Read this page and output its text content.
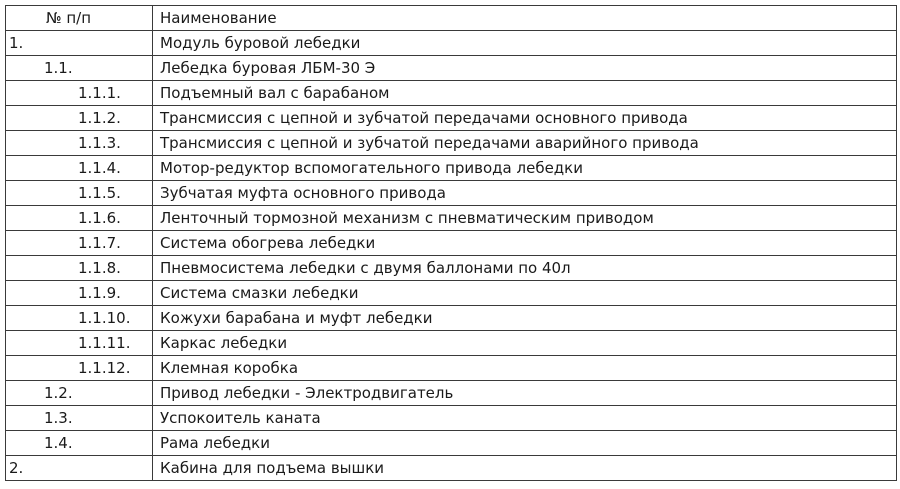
№ п/п	Наименование
1.	Модуль буровой лебедки
1.1.	Лебедка буровая ЛБМ-30 Э
1.1.1.	Подъемный вал с барабаном
1.1.2.	Трансмиссия с цепной и зубчатой передачами основного привода
1.1.3.	Трансмиссия с цепной и зубчатой передачами аварийного привода
1.1.4.	Мотор-редуктор вспомогательного привода лебедки
1.1.5.	Зубчатая муфта основного привода
1.1.6.	Ленточный тормозной механизм с пневматическим приводом
1.1.7.	Система обогрева лебедки
1.1.8.	Пневмосистема лебедки с двумя баллонами по 40л
1.1.9.	Система смазки лебедки
1.1.10.	Кожухи барабана и муфт лебедки
1.1.11.	Каркас лебедки
1.1.12.	Клемная коробка
1.2.	Привод лебедки - Электродвигатель
1.3.	Успокоитель каната
1.4.	Рама лебедки
2.	Кабина для подъема вышки
